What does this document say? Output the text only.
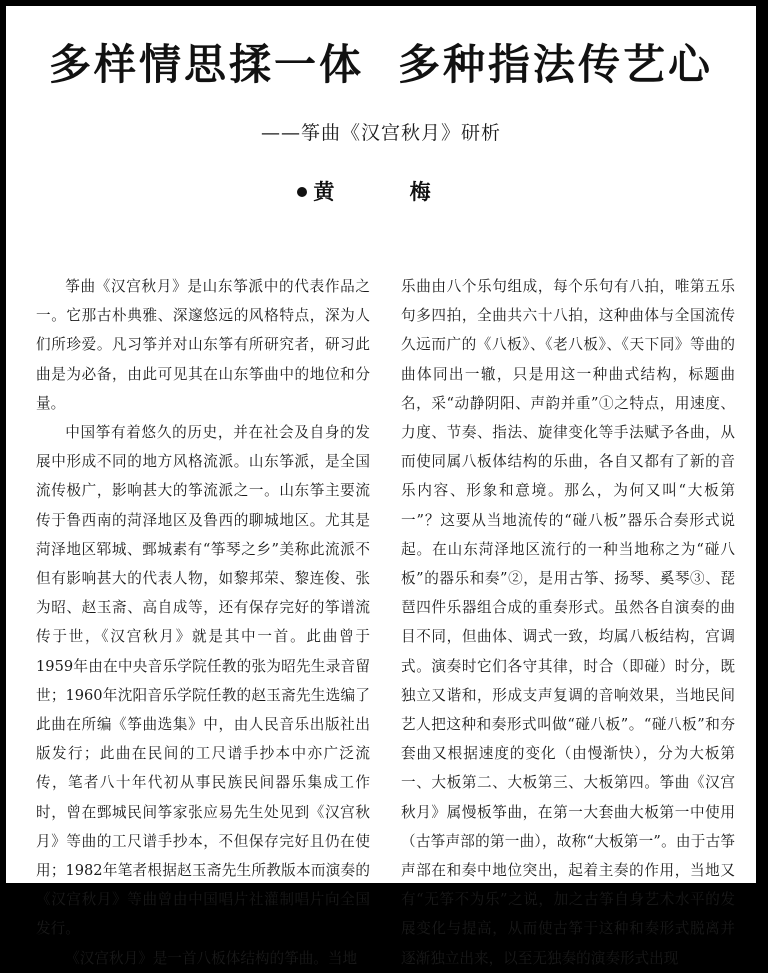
多样情思揉一体 多种指法传艺心
——筝曲《汉宫秋月》研析
黄 梅

筝曲《汉宫秋月》是山东筝派中的代表作品之一。它那古朴典雅、深邃悠远的风格特点，深为人们所珍爱。凡习筝并对山东筝有所研究者，研习此曲是为必备，由此可见其在山东筝曲中的地位和分量。

中国筝有着悠久的历史，并在社会及自身的发展中形成不同的地方风格流派。山东筝派，是全国流传极广，影响甚大的筝流派之一。山东筝主要流传于鲁西南的菏泽地区及鲁西的聊城地区。尤其是菏泽地区郓城、鄄城素有“筝琴之乡”美称此流派不但有影响甚大的代表人物，如黎邦荣、黎连俊、张为昭、赵玉斋、高自成等，还有保存完好的筝谱流传于世，《汉宫秋月》就是其中一首。此曲曾于1959年由在中央音乐学院任教的张为昭先生录音留世；1960年沈阳音乐学院任教的赵玉斋先生选编了此曲在所编《筝曲选集》中，由人民音乐出版社出版发行；此曲在民间的工尺谱手抄本中亦广泛流传，笔者八十年代初从事民族民间器乐集成工作时，曾在鄄城民间筝家张应易先生处见到《汉宫秋月》等曲的工尺谱手抄本，不但保存完好且仍在使用；1982年笔者根据赵玉斋先生所教版本而演奏的《汉宫秋月》等曲曾由中国唱片社灌制唱片向全国发行。

《汉宫秋月》是一首八板体结构的筝曲。当地

乐曲由八个乐句组成，每个乐句有八拍，唯第五乐句多四拍，全曲共六十八拍，这种曲体与全国流传久远而广的《八板》、《老八板》、《天下同》等曲的曲体同出一辙，只是用这一种曲式结构，标题曲名，采“动静阴阳、声韵并重”①之特点，用速度、力度、节奏、指法、旋律变化等手法赋予各曲，从而使同属八板体结构的乐曲，各自又都有了新的音乐内容、形象和意境。那么，为何又叫“大板第一”？这要从当地流传的“碰八板”器乐合奏形式说起。在山东菏泽地区流行的一种当地称之为“碰八板”的器乐和奏”②，是用古筝、扬琴、奚琴③、琵琶四件乐器组合成的重奏形式。虽然各自演奏的曲目不同，但曲体、调式一致，均属八板结构，宫调式。演奏时它们各守其律，时合（即碰）时分，既独立又谐和，形成支声复调的音响效果，当地民间艺人把这种和奏形式叫做“碰八板”。“碰八板”和夯套曲又根据速度的变化（由慢渐快），分为大板第一、大板第二、大板第三、大板第四。筝曲《汉宫秋月》属慢板筝曲，在第一大套曲大板第一中使用（古筝声部的第一曲），故称“大板第一”。由于古筝声部在和奏中地位突出，起着主奏的作用，当地又有“无筝不为乐”之说，加之古筝自身艺术水平的发展变化与提高，从而使古筝于这种和奏形式脱离并逐渐独立出来，以至无独奏的演奏形式出现
